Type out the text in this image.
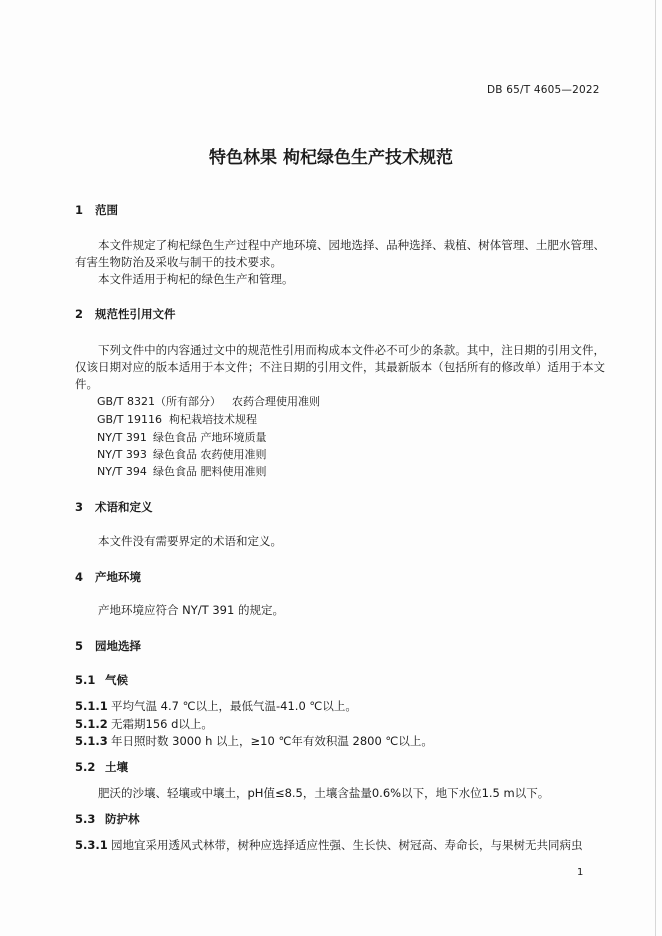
DB 65/T 4605—2022
特色林果 枸杞绿色生产技术规范
1 范围
本文件规定了枸杞绿色生产过程中产地环境、园地选择、品种选择、栽植、树体管理、土肥水管理、有害生物防治及采收与制干的技术要求。
本文件适用于枸杞的绿色生产和管理。
2 规范性引用文件
下列文件中的内容通过文中的规范性引用而构成本文件必不可少的条款。其中，注日期的引用文件，仅该日期对应的版本适用于本文件；不注日期的引用文件，其最新版本（包括所有的修改单）适用于本文件。
GB/T 8321（所有部分） 农药合理使用准则
GB/T 19116 枸杞栽培技术规程
NY/T 391 绿色食品 产地环境质量
NY/T 393 绿色食品 农药使用准则
NY/T 394 绿色食品 肥料使用准则
3 术语和定义
本文件没有需要界定的术语和定义。
4 产地环境
产地环境应符合 NY/T 391 的规定。
5 园地选择
5.1 气候
5.1.1 平均气温 4.7 ℃以上，最低气温-41.0 ℃以上。
5.1.2 无霜期156 d以上。
5.1.3 年日照时数 3000 h 以上，≥10 ℃年有效积温 2800 ℃以上。
5.2 土壤
肥沃的沙壤、轻壤或中壤土，pH值≤8.5，土壤含盐量0.6%以下，地下水位1.5 m以下。
5.3 防护林
5.3.1 园地宜采用透风式林带，树种应选择适应性强、生长快、树冠高、寿命长，与果树无共同病虫
1
